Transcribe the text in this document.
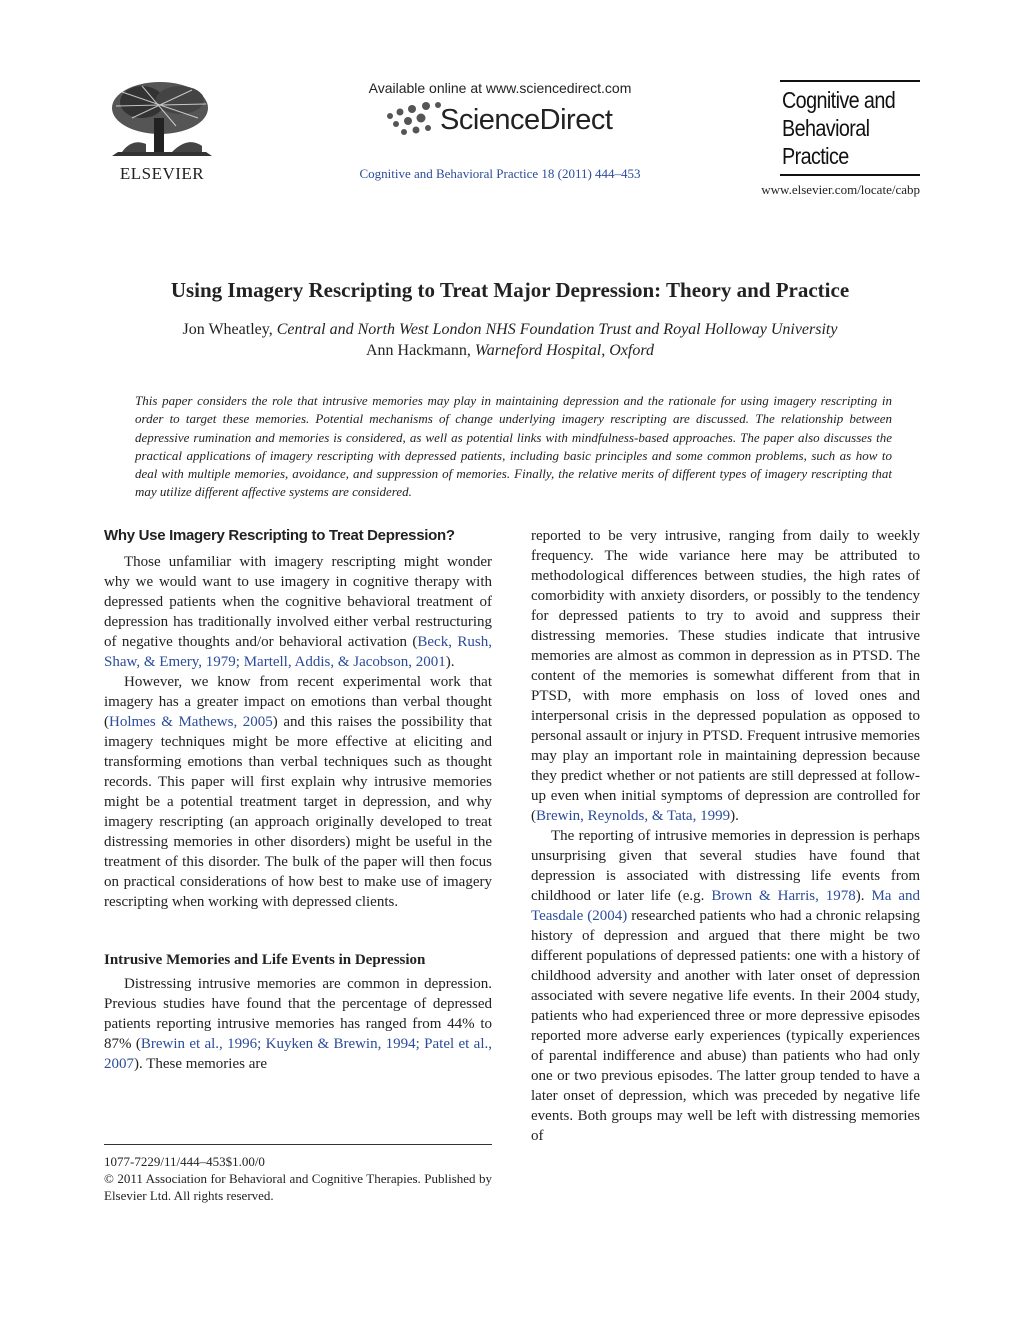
ELSEVIER
Available online at www.sciencedirect.com
ScienceDirect
Cognitive and Behavioral Practice 18 (2011) 444–453
Cognitive and
Behavioral
Practice
www.elsevier.com/locate/cabp
Using Imagery Rescripting to Treat Major Depression: Theory and Practice
Jon Wheatley, Central and North West London NHS Foundation Trust and Royal Holloway University
Ann Hackmann, Warneford Hospital, Oxford
This paper considers the role that intrusive memories may play in maintaining depression and the rationale for using imagery rescripting in order to target these memories. Potential mechanisms of change underlying imagery rescripting are discussed. The relationship between depressive rumination and memories is considered, as well as potential links with mindfulness-based approaches. The paper also discusses the practical applications of imagery rescripting with depressed patients, including basic principles and some common problems, such as how to deal with multiple memories, avoidance, and suppression of memories. Finally, the relative merits of different types of imagery rescripting that may utilize different affective systems are considered.
Why Use Imagery Rescripting to Treat Depression?

Those unfamiliar with imagery rescripting might wonder why we would want to use imagery in cognitive therapy with depressed patients when the cognitive behavioral treatment of depression has traditionally involved either verbal restructuring of negative thoughts and/or behavioral activation (Beck, Rush, Shaw, & Emery, 1979; Martell, Addis, & Jacobson, 2001).

However, we know from recent experimental work that imagery has a greater impact on emotions than verbal thought (Holmes & Mathews, 2005) and this raises the possibility that imagery techniques might be more effective at eliciting and transforming emotions than verbal techniques such as thought records. This paper will first explain why intrusive memories might be a potential treatment target in depression, and why imagery rescripting (an approach originally developed to treat distressing memories in other disorders) might be useful in the treatment of this disorder. The bulk of the paper will then focus on practical considerations of how best to make use of imagery rescripting when working with depressed clients.

Intrusive Memories and Life Events in Depression

Distressing intrusive memories are common in depression. Previous studies have found that the percentage of depressed patients reporting intrusive memories has ranged from 44% to 87% (Brewin et al., 1996; Kuyken & Brewin, 1994; Patel et al., 2007). These memories are

1077-7229/11/444–453$1.00/0
© 2011 Association for Behavioral and Cognitive Therapies. Published by Elsevier Ltd. All rights reserved.

reported to be very intrusive, ranging from daily to weekly frequency. The wide variance here may be attributed to methodological differences between studies, the high rates of comorbidity with anxiety disorders, or possibly to the tendency for depressed patients to try to avoid and suppress their distressing memories. These studies indicate that intrusive memories are almost as common in depression as in PTSD. The content of the memories is somewhat different from that in PTSD, with more emphasis on loss of loved ones and interpersonal crisis in the depressed population as opposed to personal assault or injury in PTSD. Frequent intrusive memories may play an important role in maintaining depression because they predict whether or not patients are still depressed at follow-up even when initial symptoms of depression are controlled for (Brewin, Reynolds, & Tata, 1999).

The reporting of intrusive memories in depression is perhaps unsurprising given that several studies have found that depression is associated with distressing life events from childhood or later life (e.g. Brown & Harris, 1978). Ma and Teasdale (2004) researched patients who had a chronic relapsing history of depression and argued that there might be two different populations of depressed patients: one with a history of childhood adversity and another with later onset of depression associated with severe negative life events. In their 2004 study, patients who had experienced three or more depressive episodes reported more adverse early experiences (typically experiences of parental indifference and abuse) than patients who had only one or two previous episodes. The latter group tended to have a later onset of depression, which was preceded by negative life events. Both groups may well be left with distressing memories of
